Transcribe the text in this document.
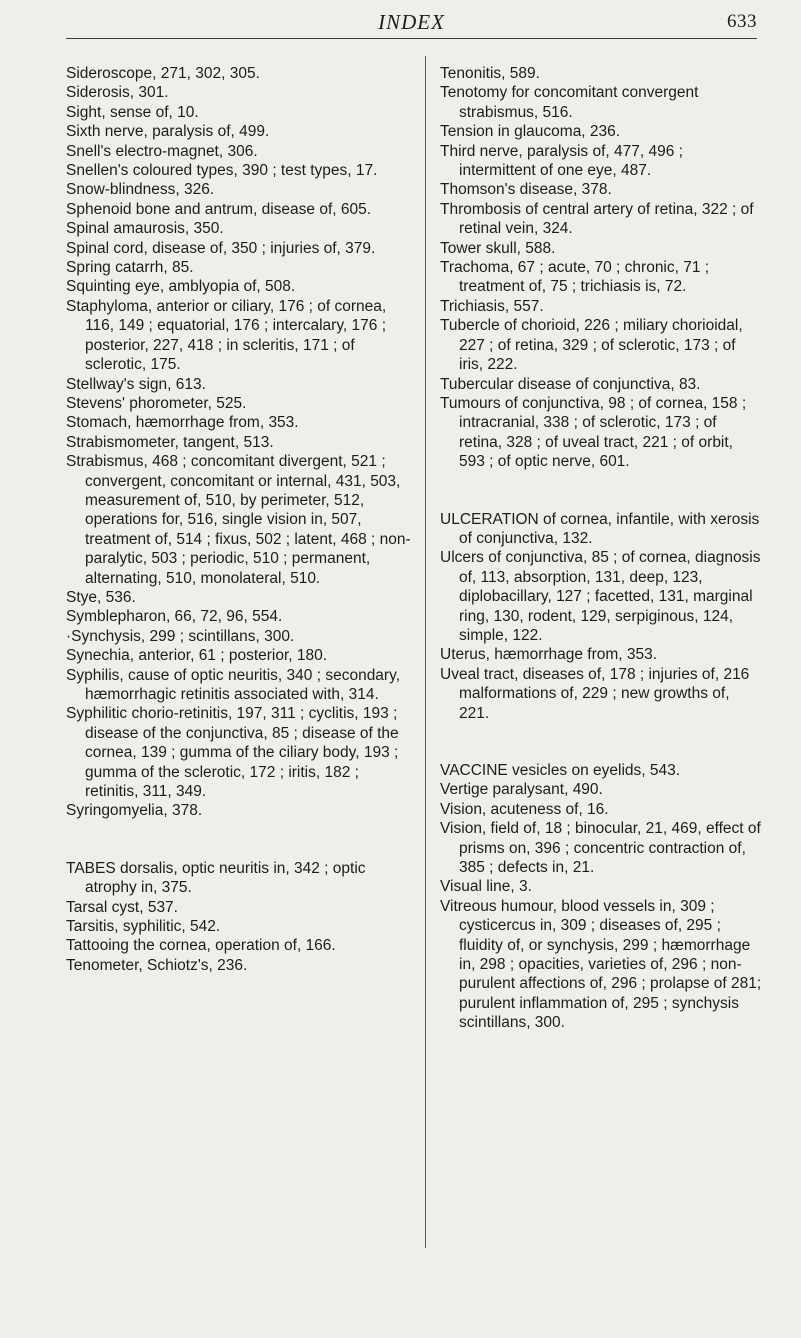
INDEX	633

Sideroscope, 271, 302, 305.

Siderosis, 301.

Sight, sense of, 10.

Sixth nerve, paralysis of, 499.

Snell's electro-magnet, 306.

Snellen's coloured types, 390 ; test types, 17.

Snow-blindness, 326.

Sphenoid bone and antrum, disease of, 605.

Spinal amaurosis, 350.

Spinal cord, disease of, 350 ; injuries of, 379.

Spring catarrh, 85.

Squinting eye, amblyopia of, 508.

Staphyloma, anterior or ciliary, 176 ; of cornea, 116, 149 ; equatorial, 176 ; intercalary, 176 ; posterior, 227, 418 ; in scleritis, 171 ; of sclerotic, 175.

Stellway's sign, 613.

Stevens' phorometer, 525.

Stomach, hæmorrhage from, 353.

Strabismometer, tangent, 513.

Strabismus, 468 ; concomitant divergent, 521 ; convergent, concomitant or internal, 431, 503, measurement of, 510, by perimeter, 512, operations for, 516, single vision in, 507, treatment of, 514 ; fixus, 502 ; latent, 468 ; non-paralytic, 503 ; periodic, 510 ; permanent, alternating, 510, monolateral, 510.

Stye, 536.

Symblepharon, 66, 72, 96, 554.

·Synchysis, 299 ; scintillans, 300.

Synechia, anterior, 61 ; posterior, 180.

Syphilis, cause of optic neuritis, 340 ; secondary, hæmorrhagic retinitis associated with, 314.

Syphilitic chorio-retinitis, 197, 311 ; cyclitis, 193 ; disease of the conjunctiva, 85 ; disease of the cornea, 139 ; gumma of the ciliary body, 193 ; gumma of the sclerotic, 172 ; iritis, 182 ; retinitis, 311, 349.

Syringomyelia, 378.

TABES dorsalis, optic neuritis in, 342 ; optic atrophy in, 375.

Tarsal cyst, 537.

Tarsitis, syphilitic, 542.

Tattooing the cornea, operation of, 166.

Tenometer, Schiotz's, 236.

Tenonitis, 589.

Tenotomy for concomitant convergent strabismus, 516.

Tension in glaucoma, 236.

Third nerve, paralysis of, 477, 496 ; intermittent of one eye, 487.

Thomson's disease, 378.

Thrombosis of central artery of retina, 322 ; of retinal vein, 324.

Tower skull, 588.

Trachoma, 67 ; acute, 70 ; chronic, 71 ; treatment of, 75 ; trichiasis is, 72.

Trichiasis, 557.

Tubercle of chorioid, 226 ; miliary chorioidal, 227 ; of retina, 329 ; of sclerotic, 173 ; of iris, 222.

Tubercular disease of conjunctiva, 83.

Tumours of conjunctiva, 98 ; of cornea, 158 ; intracranial, 338 ; of sclerotic, 173 ; of retina, 328 ; of uveal tract, 221 ; of orbit, 593 ; of optic nerve, 601.

ULCERATION of cornea, infantile, with xerosis of conjunctiva, 132.

Ulcers of conjunctiva, 85 ; of cornea, diagnosis of, 113, absorption, 131, deep, 123, diplobacillary, 127 ; facetted, 131, marginal ring, 130, rodent, 129, serpiginous, 124, simple, 122.

Uterus, hæmorrhage from, 353.

Uveal tract, diseases of, 178 ; injuries of, 216 malformations of, 229 ; new growths of, 221.

VACCINE vesicles on eyelids, 543.

Vertige paralysant, 490.

Vision, acuteness of, 16.

Vision, field of, 18 ; binocular, 21, 469, effect of prisms on, 396 ; concentric contraction of, 385 ; defects in, 21.

Visual line, 3.

Vitreous humour, blood vessels in, 309 ; cysticercus in, 309 ; diseases of, 295 ; fluidity of, or synchysis, 299 ; hæmorrhage in, 298 ; opacities, varieties of, 296 ; non-purulent affections of, 296 ; prolapse of 281; purulent inflammation of, 295 ; synchysis scintillans, 300.
